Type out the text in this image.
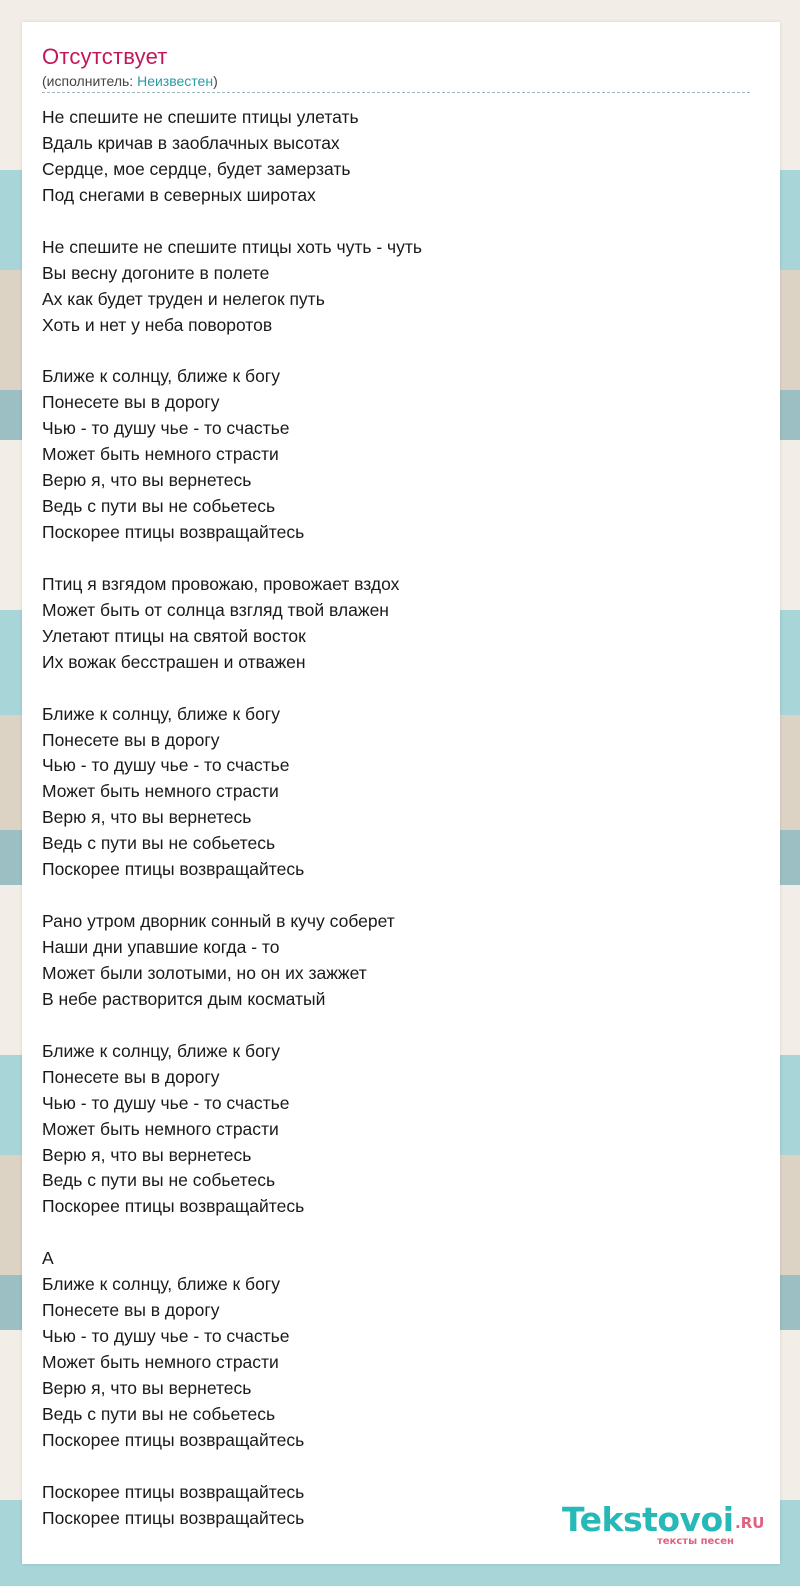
Отсутствует
(исполнитель: Неизвестен)
Не спешите не спешите птицы улетать
Вдаль кричав в заоблачных высотах
Сердце, мое сердце, будет замерзать
Под снегами в северных широтах
Не спешите не спешите птицы хоть чуть - чуть
Вы весну догоните в полете
Ах как будет труден и нелегок путь
Хоть и нет у неба поворотов
Ближе к солнцу, ближе к богу
Понесете вы в дорогу
Чью - то душу чье - то счастье
Может быть немного страсти
Верю я, что вы вернетесь
Ведь с пути вы не собьетесь
Поскорее птицы возвращайтесь
Птиц я взгядом провожаю, провожает вздох
Может быть от солнца взгляд твой влажен
Улетают птицы на святой восток
Их вожак бесстрашен и отважен
Ближе к солнцу, ближе к богу
Понесете вы в дорогу
Чью - то душу чье - то счастье
Может быть немного страсти
Верю я, что вы вернетесь
Ведь с пути вы не собьетесь
Поскорее птицы возвращайтесь
Рано утром дворник сонный в кучу соберет
Наши дни упавшие когда - то
Может были золотыми, но он их зажжет
В небе растворится дым косматый
Ближе к солнцу, ближе к богу
Понесете вы в дорогу
Чью - то душу чье - то счастье
Может быть немного страсти
Верю я, что вы вернетесь
Ведь с пути вы не собьетесь
Поскорее птицы возвращайтесь
А
Ближе к солнцу, ближе к богу
Понесете вы в дорогу
Чью - то душу чье - то счастье
Может быть немного страсти
Верю я, что вы вернетесь
Ведь с пути вы не собьетесь
Поскорее птицы возвращайтесь
Поскорее птицы возвращайтесь
Поскорее птицы возвращайтесь	Tekstovoi .RU
тексты песен
